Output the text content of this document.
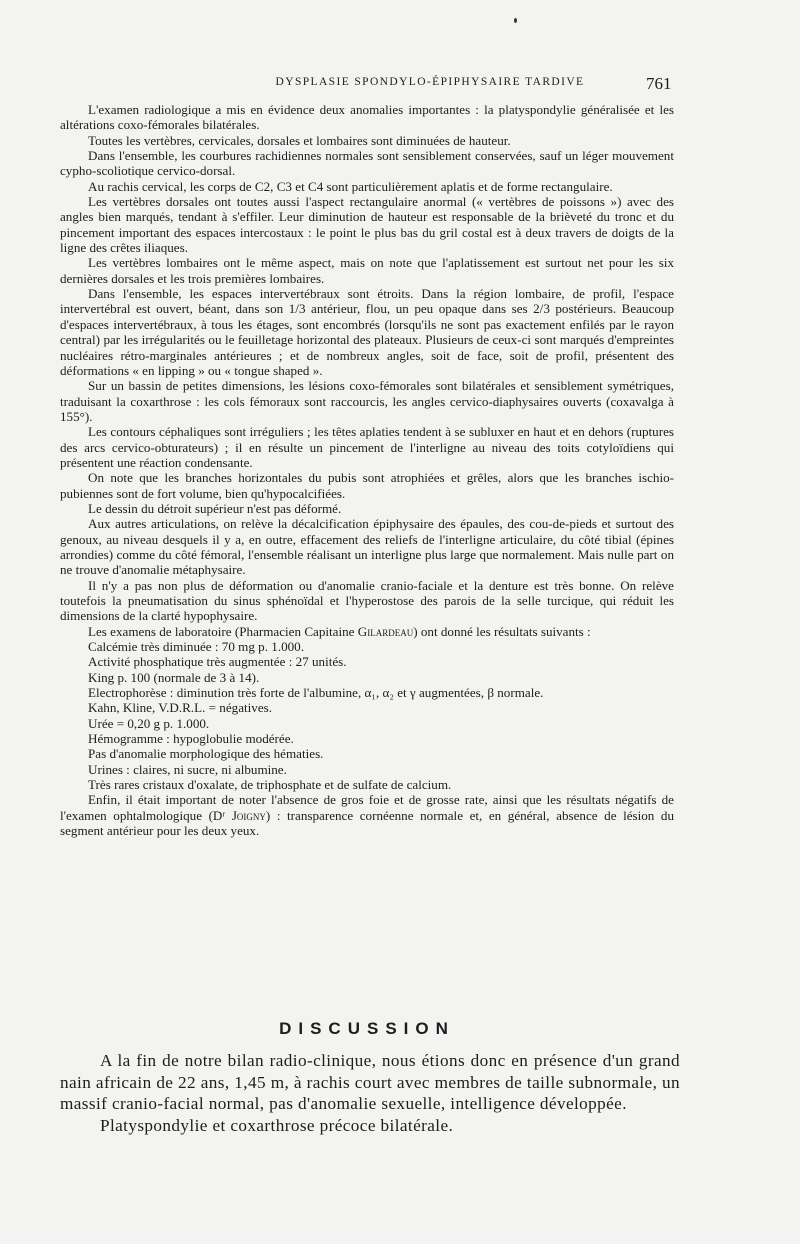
DYSPLASIE SPONDYLO-ÉPIPHYSAIRE TARDIVE	761

L'examen radiologique a mis en évidence deux anomalies importantes : la platyspondylie généralisée et les altérations coxo-fémorales bilatérales.

Toutes les vertèbres, cervicales, dorsales et lombaires sont diminuées de hauteur.

Dans l'ensemble, les courbures rachidiennes normales sont sensiblement conservées, sauf un léger mouvement cypho-scoliotique cervico-dorsal.

Au rachis cervical, les corps de C2, C3 et C4 sont particulièrement aplatis et de forme rectangulaire.

Les vertèbres dorsales ont toutes aussi l'aspect rectangulaire anormal (« vertèbres de poissons ») avec des angles bien marqués, tendant à s'effiler. Leur diminution de hauteur est responsable de la brièveté du tronc et du pincement important des espaces intercostaux : le point le plus bas du gril costal est à deux travers de doigts de la ligne des crêtes iliaques.

Les vertèbres lombaires ont le même aspect, mais on note que l'aplatissement est surtout net pour les six dernières dorsales et les trois premières lombaires.

Dans l'ensemble, les espaces intervertébraux sont étroits. Dans la région lombaire, de profil, l'espace intervertébral est ouvert, béant, dans son 1/3 antérieur, flou, un peu opaque dans ses 2/3 postérieurs. Beaucoup d'espaces intervertébraux, à tous les étages, sont encombrés (lorsqu'ils ne sont pas exactement enfilés par le rayon central) par les irrégularités ou le feuilletage horizontal des plateaux. Plusieurs de ceux-ci sont marqués d'empreintes nucléaires rétro-marginales antérieures ; et de nombreux angles, soit de face, soit de profil, présentent des déformations « en lipping » ou « tongue shaped ».

Sur un bassin de petites dimensions, les lésions coxo-fémorales sont bilatérales et sensiblement symétriques, traduisant la coxarthrose : les cols fémoraux sont raccourcis, les angles cervico-diaphysaires ouverts (coxavalga à 155°).

Les contours céphaliques sont irréguliers ; les têtes aplaties tendent à se subluxer en haut et en dehors (ruptures des arcs cervico-obturateurs) ; il en résulte un pincement de l'interligne au niveau des toits cotyloïdiens qui présentent une réaction condensante.

On note que les branches horizontales du pubis sont atrophiées et grêles, alors que les branches ischio-pubiennes sont de fort volume, bien qu'hypocalcifiées.

Le dessin du détroit supérieur n'est pas déformé.

Aux autres articulations, on relève la décalcification épiphysaire des épaules, des cou-de-pieds et surtout des genoux, au niveau desquels il y a, en outre, effacement des reliefs de l'interligne articulaire, du côté tibial (épines arrondies) comme du côté fémoral, l'ensemble réalisant un interligne plus large que normalement. Mais nulle part on ne trouve d'anomalie métaphysaire.

Il n'y a pas non plus de déformation ou d'anomalie cranio-faciale et la denture est très bonne. On relève toutefois la pneumatisation du sinus sphénoïdal et l'hyperostose des parois de la selle turcique, qui réduit les dimensions de la clarté hypophysaire.

Les examens de laboratoire (Pharmacien Capitaine Gilardeau) ont donné les résultats suivants :

Calcémie très diminuée : 70 mg p. 1.000.

Activité phosphatique très augmentée : 27 unités.

King p. 100 (normale de 3 à 14).

Electrophorèse : diminution très forte de l'albumine, α₁, α₂ et γ augmentées, β normale.

Kahn, Kline, V.D.R.L. = négatives.

Urée = 0,20 g p. 1.000.

Hémogramme : hypoglobulie modérée.

Pas d'anomalie morphologique des hématies.

Urines : claires, ni sucre, ni albumine.

Très rares cristaux d'oxalate, de triphosphate et de sulfate de calcium.

Enfin, il était important de noter l'absence de gros foie et de grosse rate, ainsi que les résultats négatifs de l'examen ophtalmologique (Dʳ Joigny) : transparence cornéenne normale et, en général, absence de lésion du segment antérieur pour les deux yeux.

DISCUSSION

A la fin de notre bilan radio-clinique, nous étions donc en présence d'un grand nain africain de 22 ans, 1,45 m, à rachis court avec membres de taille subnormale, un massif cranio-facial normal, pas d'anomalie sexuelle, intelligence développée.

Platyspondylie et coxarthrose précoce bilatérale.
